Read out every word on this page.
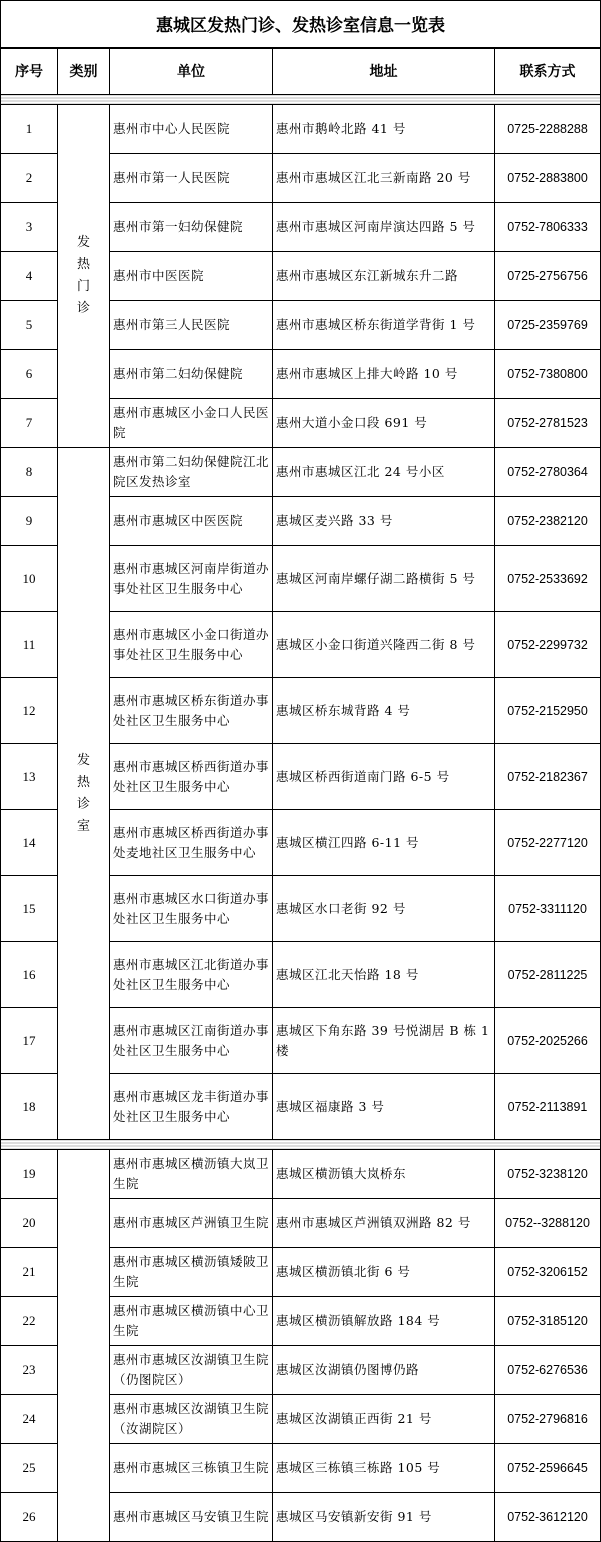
惠城区发热门诊、发热诊室信息一览表				
序号	类别	单位	地址	联系方式

1	发热门诊	惠州市中心人民医院	惠州市鹅岭北路 41 号	0725-2288288
2		惠州市第一人民医院	惠州市惠城区江北三新南路 20 号	0752-2883800
3		惠州市第一妇幼保健院	惠州市惠城区河南岸演达四路 5 号	0752-7806333
4		惠州市中医医院	惠州市惠城区东江新城东升二路	0725-2756756
5		惠州市第三人民医院	惠州市惠城区桥东街道学背街 1 号	0725-2359769
6		惠州市第二妇幼保健院	惠州市惠城区上排大岭路 10 号	0752-7380800
7		惠州市惠城区小金口人民医院	惠州大道小金口段 691 号	0752-2781523
8	发热诊室	惠州市第二妇幼保健院江北院区发热诊室	惠州市惠城区江北 24 号小区	0752-2780364
9		惠州市惠城区中医医院	惠城区麦兴路 33 号	0752-2382120
10		惠州市惠城区河南岸街道办事处社区卫生服务中心	惠城区河南岸螺仔湖二路横街 5 号	0752-2533692
11		惠州市惠城区小金口街道办事处社区卫生服务中心	惠城区小金口街道兴隆西二街 8 号	0752-2299732
12		惠州市惠城区桥东街道办事处社区卫生服务中心	惠城区桥东城背路 4 号	0752-2152950
13		惠州市惠城区桥西街道办事处社区卫生服务中心	惠城区桥西街道南门路 6-5 号	0752-2182367
14		惠州市惠城区桥西街道办事处麦地社区卫生服务中心	惠城区横江四路 6-11 号	0752-2277120
15		惠州市惠城区水口街道办事处社区卫生服务中心	惠城区水口老街 92 号	0752-3311120
16		惠州市惠城区江北街道办事处社区卫生服务中心	惠城区江北天怡路 18 号	0752-2811225
17		惠州市惠城区江南街道办事处社区卫生服务中心	惠城区下角东路 39 号悦湖居 B 栋 1 楼	0752-2025266
18		惠州市惠城区龙丰街道办事处社区卫生服务中心	惠城区福康路 3 号	0752-2113891

19		惠州市惠城区横沥镇大岚卫生院	惠城区横沥镇大岚桥东	0752-3238120
20		惠州市惠城区芦洲镇卫生院	惠州市惠城区芦洲镇双洲路 82 号	0752--3288120
21		惠州市惠城区横沥镇矮陂卫生院	惠城区横沥镇北街 6 号	0752-3206152
22		惠州市惠城区横沥镇中心卫生院	惠城区横沥镇解放路 184 号	0752-3185120
23		惠州市惠城区汝湖镇卫生院（仍图院区）	惠城区汝湖镇仍图博仍路	0752-6276536
24		惠州市惠城区汝湖镇卫生院（汝湖院区）	惠城区汝湖镇正西街 21 号	0752-2796816
25		惠州市惠城区三栋镇卫生院	惠城区三栋镇三栋路 105 号	0752-2596645
26		惠州市惠城区马安镇卫生院	惠城区马安镇新安街 91 号	0752-3612120
